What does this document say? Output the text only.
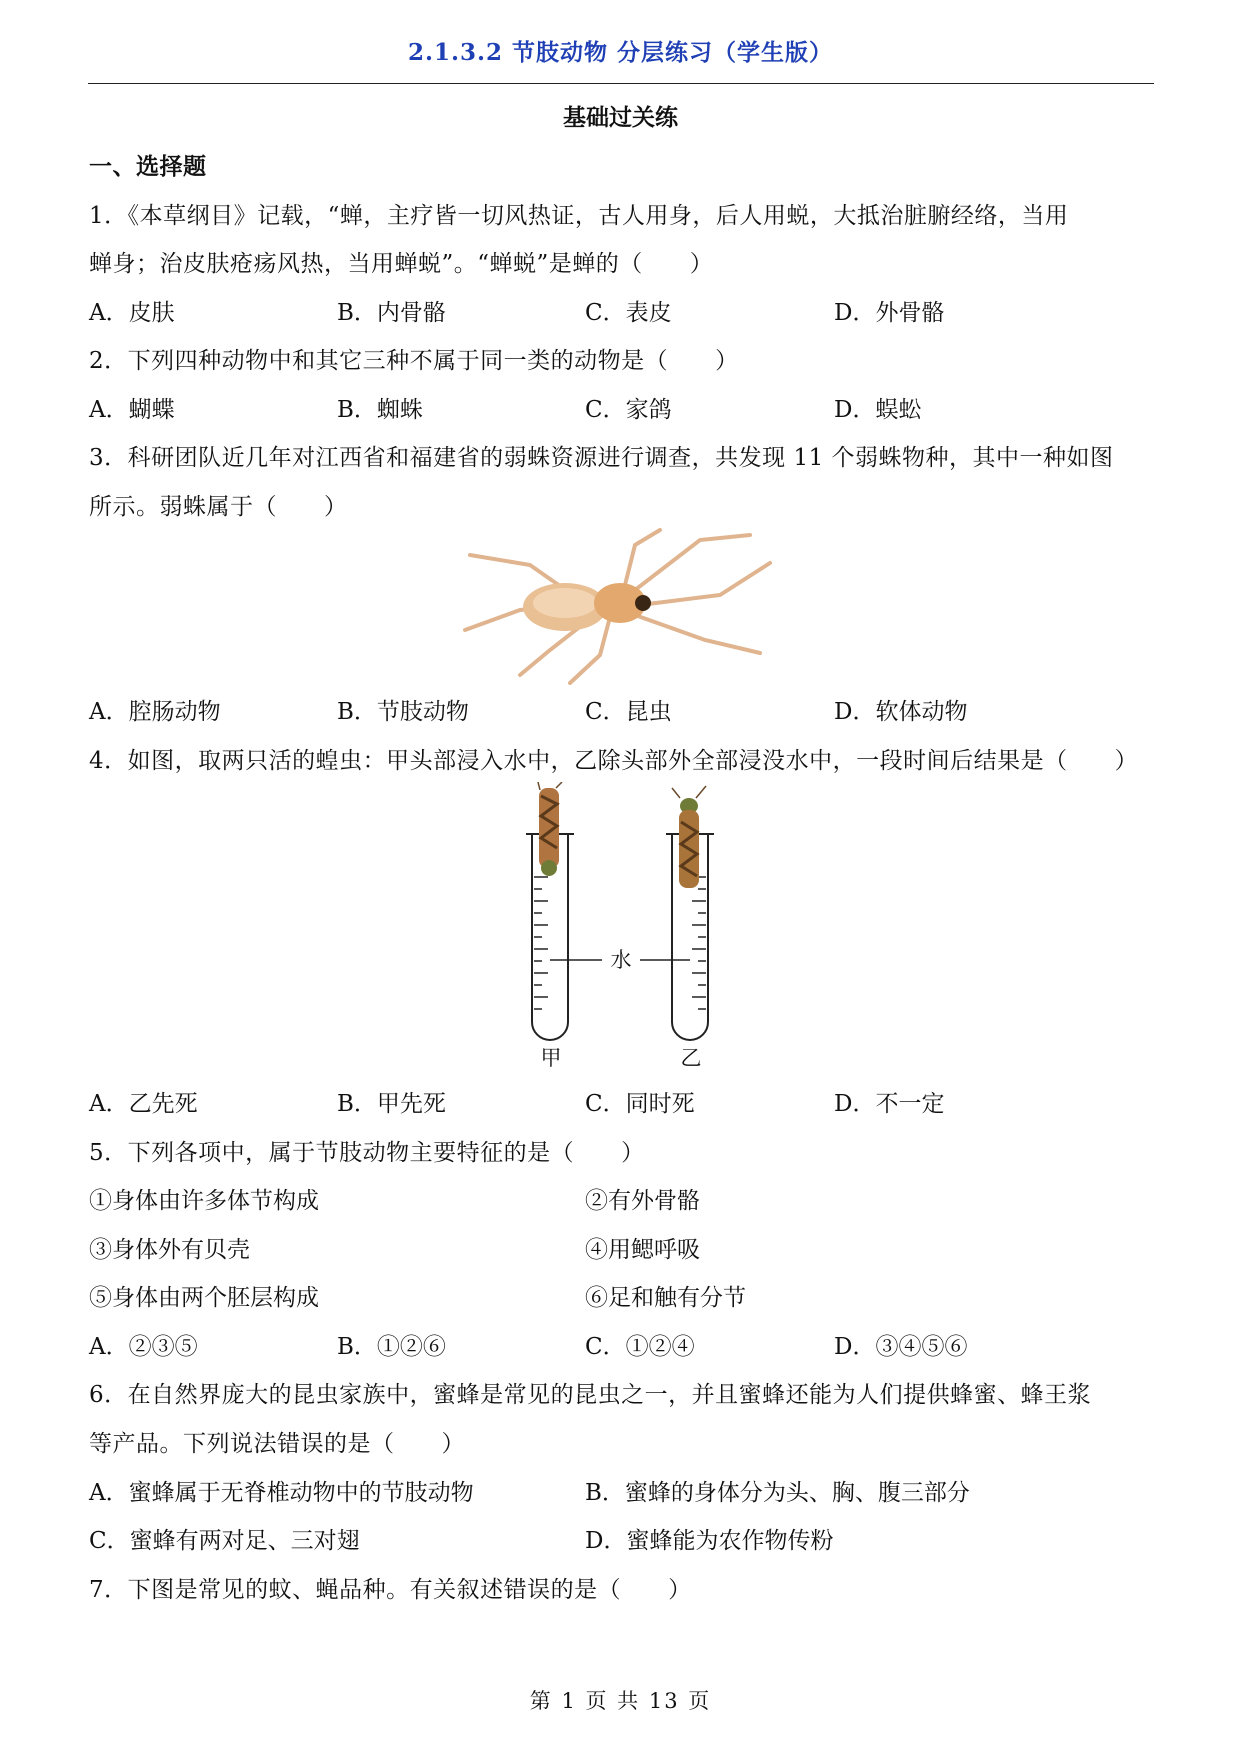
2.1.3.2 节肢动物 分层练习（学生版）
基础过关练
一、选择题
1．《本草纲目》记载，“蝉，主疗皆一切风热证，古人用身，后人用蜕，大抵治脏腑经络，当用
蝉身；治皮肤疮疡风热，当用蝉蜕”。“蝉蜕”是蝉的（　　）
A．皮肤	B．内骨骼	C．表皮	D．外骨骼
2．下列四种动物中和其它三种不属于同一类的动物是（　　）
A．蝴蝶	B．蜘蛛	C．家鸽	D．蜈蚣
3．科研团队近几年对江西省和福建省的弱蛛资源进行调查，共发现 11 个弱蛛物种，其中一种如图
所示。弱蛛属于（　　）
A．腔肠动物	B．节肢动物	C．昆虫	D．软体动物
4．如图，取两只活的蝗虫：甲头部浸入水中，乙除头部外全部浸没水中，一段时间后结果是（　　）
水
甲	乙
A．乙先死	B．甲先死	C．同时死	D．不一定
5．下列各项中，属于节肢动物主要特征的是（　　）
①身体由许多体节构成	②有外骨骼
③身体外有贝壳	④用鳃呼吸
⑤身体由两个胚层构成	⑥足和触有分节
A．②③⑤	B．①②⑥	C．①②④	D．③④⑤⑥
6．在自然界庞大的昆虫家族中，蜜蜂是常见的昆虫之一，并且蜜蜂还能为人们提供蜂蜜、蜂王浆
等产品。下列说法错误的是（　　）
A．蜜蜂属于无脊椎动物中的节肢动物	B．蜜蜂的身体分为头、胸、腹三部分
C．蜜蜂有两对足、三对翅	D．蜜蜂能为农作物传粉
7．下图是常见的蚊、蝇品种。有关叙述错误的是（　　）
第 1 页 共 13 页
